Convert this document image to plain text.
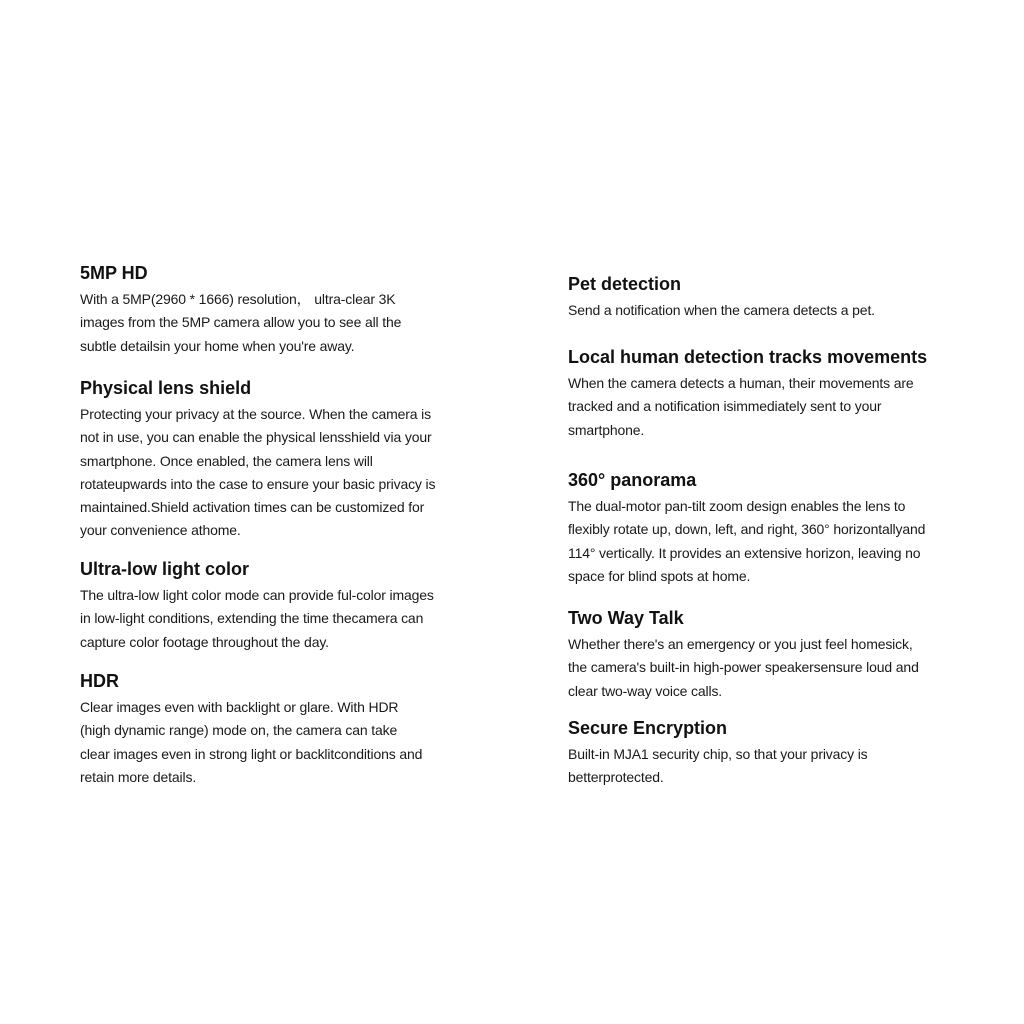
5MP HD

With a 5MP(2960 * 1666) resolution， ultra-clear 3K
images from the 5MP camera allow you to see all the
subtle detailsin your home when you're away.

Physical lens shield

Protecting your privacy at the source. When the camera is
not in use, you can enable the physical lensshield via your
smartphone. Once enabled, the camera lens will
rotateupwards into the case to ensure your basic privacy is
maintained.Shield activation times can be customized for
your convenience athome.

Ultra-low light color

The ultra-low light color mode can provide ful-color images
in low-light conditions, extending the time thecamera can
capture color footage throughout the day.

HDR

Clear images even with backlight or glare. With HDR
(high dynamic range) mode on, the camera can take
clear images even in strong light or backlitconditions and
retain more details.

Pet detection

Send a notification when the camera detects a pet.

Local human detection tracks movements

When the camera detects a human, their movements are
tracked and a notification isimmediately sent to your
smartphone.

360° panorama

The dual-motor pan-tilt zoom design enables the lens to
flexibly rotate up, down, left, and right, 360° horizontallyand
114° vertically. It provides an extensive horizon, leaving no
space for blind spots at home.

Two Way Talk

Whether there's an emergency or you just feel homesick,
the camera's built-in high-power speakersensure loud and
clear two-way voice calls.

Secure Encryption

Built-in MJA1 security chip, so that your privacy is
betterprotected.
